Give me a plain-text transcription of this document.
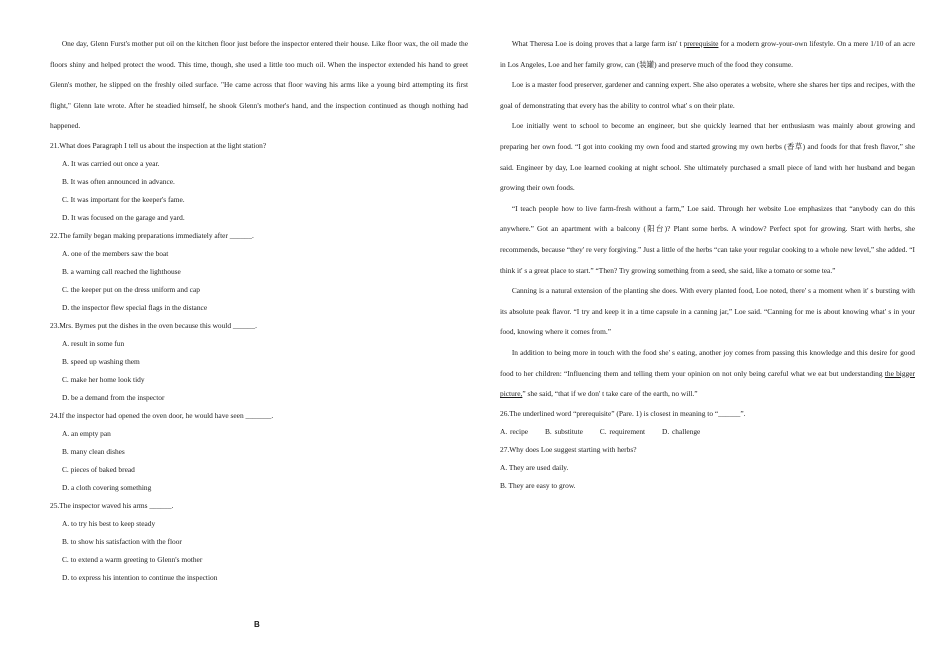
One day, Glenn Furst's mother put oil on the kitchen floor just before the inspector entered their house. Like floor wax, the oil made the floors shiny and helped protect the wood. This time, though, she used a little too much oil. When the inspector extended his hand to greet Glenn's mother, he slipped on the freshly oiled surface. "He came across that floor waving his arms like a young bird attempting its first flight," Glenn late wrote. After he steadied himself, he shook Glenn's mother's hand, and the inspection continued as though nothing had happened.

21.What does Paragraph I tell us about the inspection at the light station?

A. It was carried out once a year.

B. It was often announced in advance.

C. It was important for the keeper's fame.

D. It was focused on the garage and yard.

22.The family began making preparations immediately after ______.

A. one of the members saw the boat

B. a warning call reached the lighthouse

C. the keeper put on the dress uniform and cap

D. the inspector flew special flags in the distance

23.Mrs. Byrnes put the dishes in the oven because this would ______.

A. result in some fun

B. speed up washing them

C. make her home look tidy

D. be a demand from the inspector

24.If the inspector had opened the oven door, he would have seen _______.

A. an empty pan

B. many clean dishes

C. pieces of baked bread

D. a cloth covering something

25.The inspector waved his arms ______.

A. to try his best to keep steady

B. to show his satisfaction with the floor

C. to extend a warm greeting to Glenn's mother

D. to express his intention to continue the inspection

B

What Theresa Loe is doing proves that a large farm isn' t prerequisite for a modern grow-your-own lifestyle. On a mere 1/10 of an acre in Los Angeles, Loe and her family grow, can (装罐) and preserve much of the food they consume.

Loe is a master food preserver, gardener and canning expert. She also operates a website, where she shares her tips and recipes, with the goal of demonstrating that every has the ability to control what' s on their plate.

Loe initially went to school to become an engineer, but she quickly learned that her enthusiasm was mainly about growing and preparing her own food. “I got into cooking my own food and started growing my own herbs (香草) and foods for that fresh flavor,” she said. Engineer by day, Loe learned cooking at night school. She ultimately purchased a small piece of land with her husband and began growing their own foods.

“I teach people how to live farm-fresh without a farm,” Loe said. Through her website Loe emphasizes that “anybody can do this anywhere.” Got an apartment with a balcony (阳台)? Plant some herbs. A window? Perfect spot for growing. Start with herbs, she recommends, because “they' re very forgiving.” Just a little of the herbs “can take your regular cooking to a whole new level,” she added. “I think it' s a great place to start.” “Then? Try growing something from a seed, she said, like a tomato or some tea.”

Canning is a natural extension of the planting she does. With every planted food, Loe noted, there' s a moment when it' s bursting with its absolute peak flavor. “I try and keep it in a time capsule in a canning jar,” Loe said. “Canning for me is about knowing what' s in your food, knowing where it comes from.”

In addition to being more in touch with the food she' s eating, another joy comes from passing this knowledge and this desire for good food to her children: “Influencing them and telling them your opinion on not only being careful what we eat but understanding the bigger picture,” she said, “that if we don' t take care of the earth, no will.”

26.The underlined word “prerequisite” (Pare. 1) is closest in meaning to “______”.

A. recipe B. substitute C. requirement D. challenge

27.Why does Loe suggest starting with herbs?

A. They are used daily.

B. They are easy to grow.
